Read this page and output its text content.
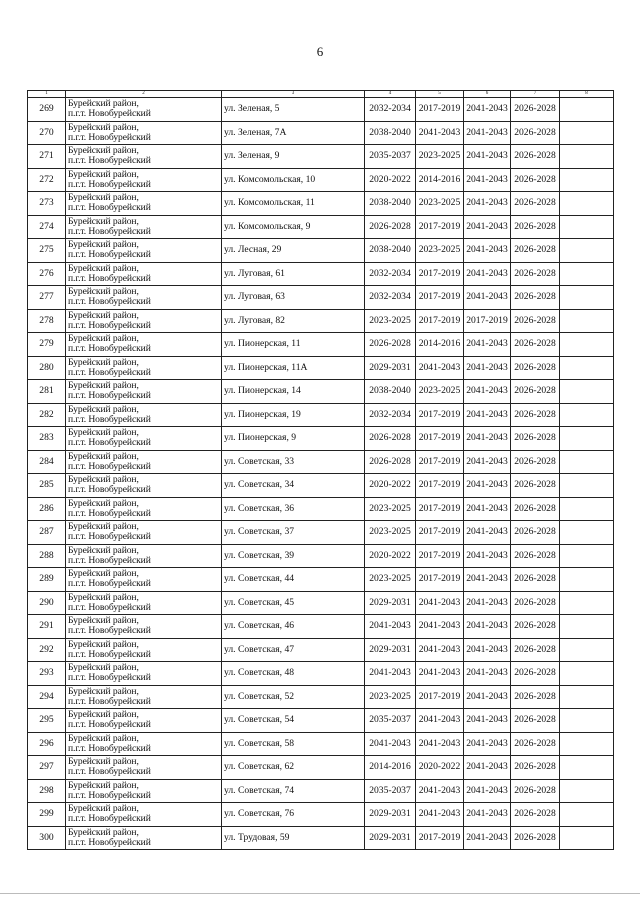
6
1	2	3	4	5	6	7	8
269	Бурейский район,
п.г.т. Новобурейский	ул. Зеленая, 5	2032-2034	2017-2019	2041-2043	2026-2028	
270	Бурейский район,
п.г.т. Новобурейский	ул. Зеленая, 7А	2038-2040	2041-2043	2041-2043	2026-2028	
271	Бурейский район,
п.г.т. Новобурейский	ул. Зеленая, 9	2035-2037	2023-2025	2041-2043	2026-2028	
272	Бурейский район,
п.г.т. Новобурейский	ул. Комсомольская, 10	2020-2022	2014-2016	2041-2043	2026-2028	
273	Бурейский район,
п.г.т. Новобурейский	ул. Комсомольская, 11	2038-2040	2023-2025	2041-2043	2026-2028	
274	Бурейский район,
п.г.т. Новобурейский	ул. Комсомольская, 9	2026-2028	2017-2019	2041-2043	2026-2028	
275	Бурейский район,
п.г.т. Новобурейский	ул. Лесная, 29	2038-2040	2023-2025	2041-2043	2026-2028	
276	Бурейский район,
п.г.т. Новобурейский	ул. Луговая, 61	2032-2034	2017-2019	2041-2043	2026-2028	
277	Бурейский район,
п.г.т. Новобурейский	ул. Луговая, 63	2032-2034	2017-2019	2041-2043	2026-2028	
278	Бурейский район,
п.г.т. Новобурейский	ул. Луговая, 82	2023-2025	2017-2019	2017-2019	2026-2028	
279	Бурейский район,
п.г.т. Новобурейский	ул. Пионерская, 11	2026-2028	2014-2016	2041-2043	2026-2028	
280	Бурейский район,
п.г.т. Новобурейский	ул. Пионерская, 11А	2029-2031	2041-2043	2041-2043	2026-2028	
281	Бурейский район,
п.г.т. Новобурейский	ул. Пионерская, 14	2038-2040	2023-2025	2041-2043	2026-2028	
282	Бурейский район,
п.г.т. Новобурейский	ул. Пионерская, 19	2032-2034	2017-2019	2041-2043	2026-2028	
283	Бурейский район,
п.г.т. Новобурейский	ул. Пионерская, 9	2026-2028	2017-2019	2041-2043	2026-2028	
284	Бурейский район,
п.г.т. Новобурейский	ул. Советская, 33	2026-2028	2017-2019	2041-2043	2026-2028	
285	Бурейский район,
п.г.т. Новобурейский	ул. Советская, 34	2020-2022	2017-2019	2041-2043	2026-2028	
286	Бурейский район,
п.г.т. Новобурейский	ул. Советская, 36	2023-2025	2017-2019	2041-2043	2026-2028	
287	Бурейский район,
п.г.т. Новобурейский	ул. Советская, 37	2023-2025	2017-2019	2041-2043	2026-2028	
288	Бурейский район,
п.г.т. Новобурейский	ул. Советская, 39	2020-2022	2017-2019	2041-2043	2026-2028	
289	Бурейский район,
п.г.т. Новобурейский	ул. Советская, 44	2023-2025	2017-2019	2041-2043	2026-2028	
290	Бурейский район,
п.г.т. Новобурейский	ул. Советская, 45	2029-2031	2041-2043	2041-2043	2026-2028	
291	Бурейский район,
п.г.т. Новобурейский	ул. Советская, 46	2041-2043	2041-2043	2041-2043	2026-2028	
292	Бурейский район,
п.г.т. Новобурейский	ул. Советская, 47	2029-2031	2041-2043	2041-2043	2026-2028	
293	Бурейский район,
п.г.т. Новобурейский	ул. Советская, 48	2041-2043	2041-2043	2041-2043	2026-2028	
294	Бурейский район,
п.г.т. Новобурейский	ул. Советская, 52	2023-2025	2017-2019	2041-2043	2026-2028	
295	Бурейский район,
п.г.т. Новобурейский	ул. Советская, 54	2035-2037	2041-2043	2041-2043	2026-2028	
296	Бурейский район,
п.г.т. Новобурейский	ул. Советская, 58	2041-2043	2041-2043	2041-2043	2026-2028	
297	Бурейский район,
п.г.т. Новобурейский	ул. Советская, 62	2014-2016	2020-2022	2041-2043	2026-2028	
298	Бурейский район,
п.г.т. Новобурейский	ул. Советская, 74	2035-2037	2041-2043	2041-2043	2026-2028	
299	Бурейский район,
п.г.т. Новобурейский	ул. Советская, 76	2029-2031	2041-2043	2041-2043	2026-2028	
300	Бурейский район,
п.г.т. Новобурейский	ул. Трудовая, 59	2029-2031	2017-2019	2041-2043	2026-2028	
